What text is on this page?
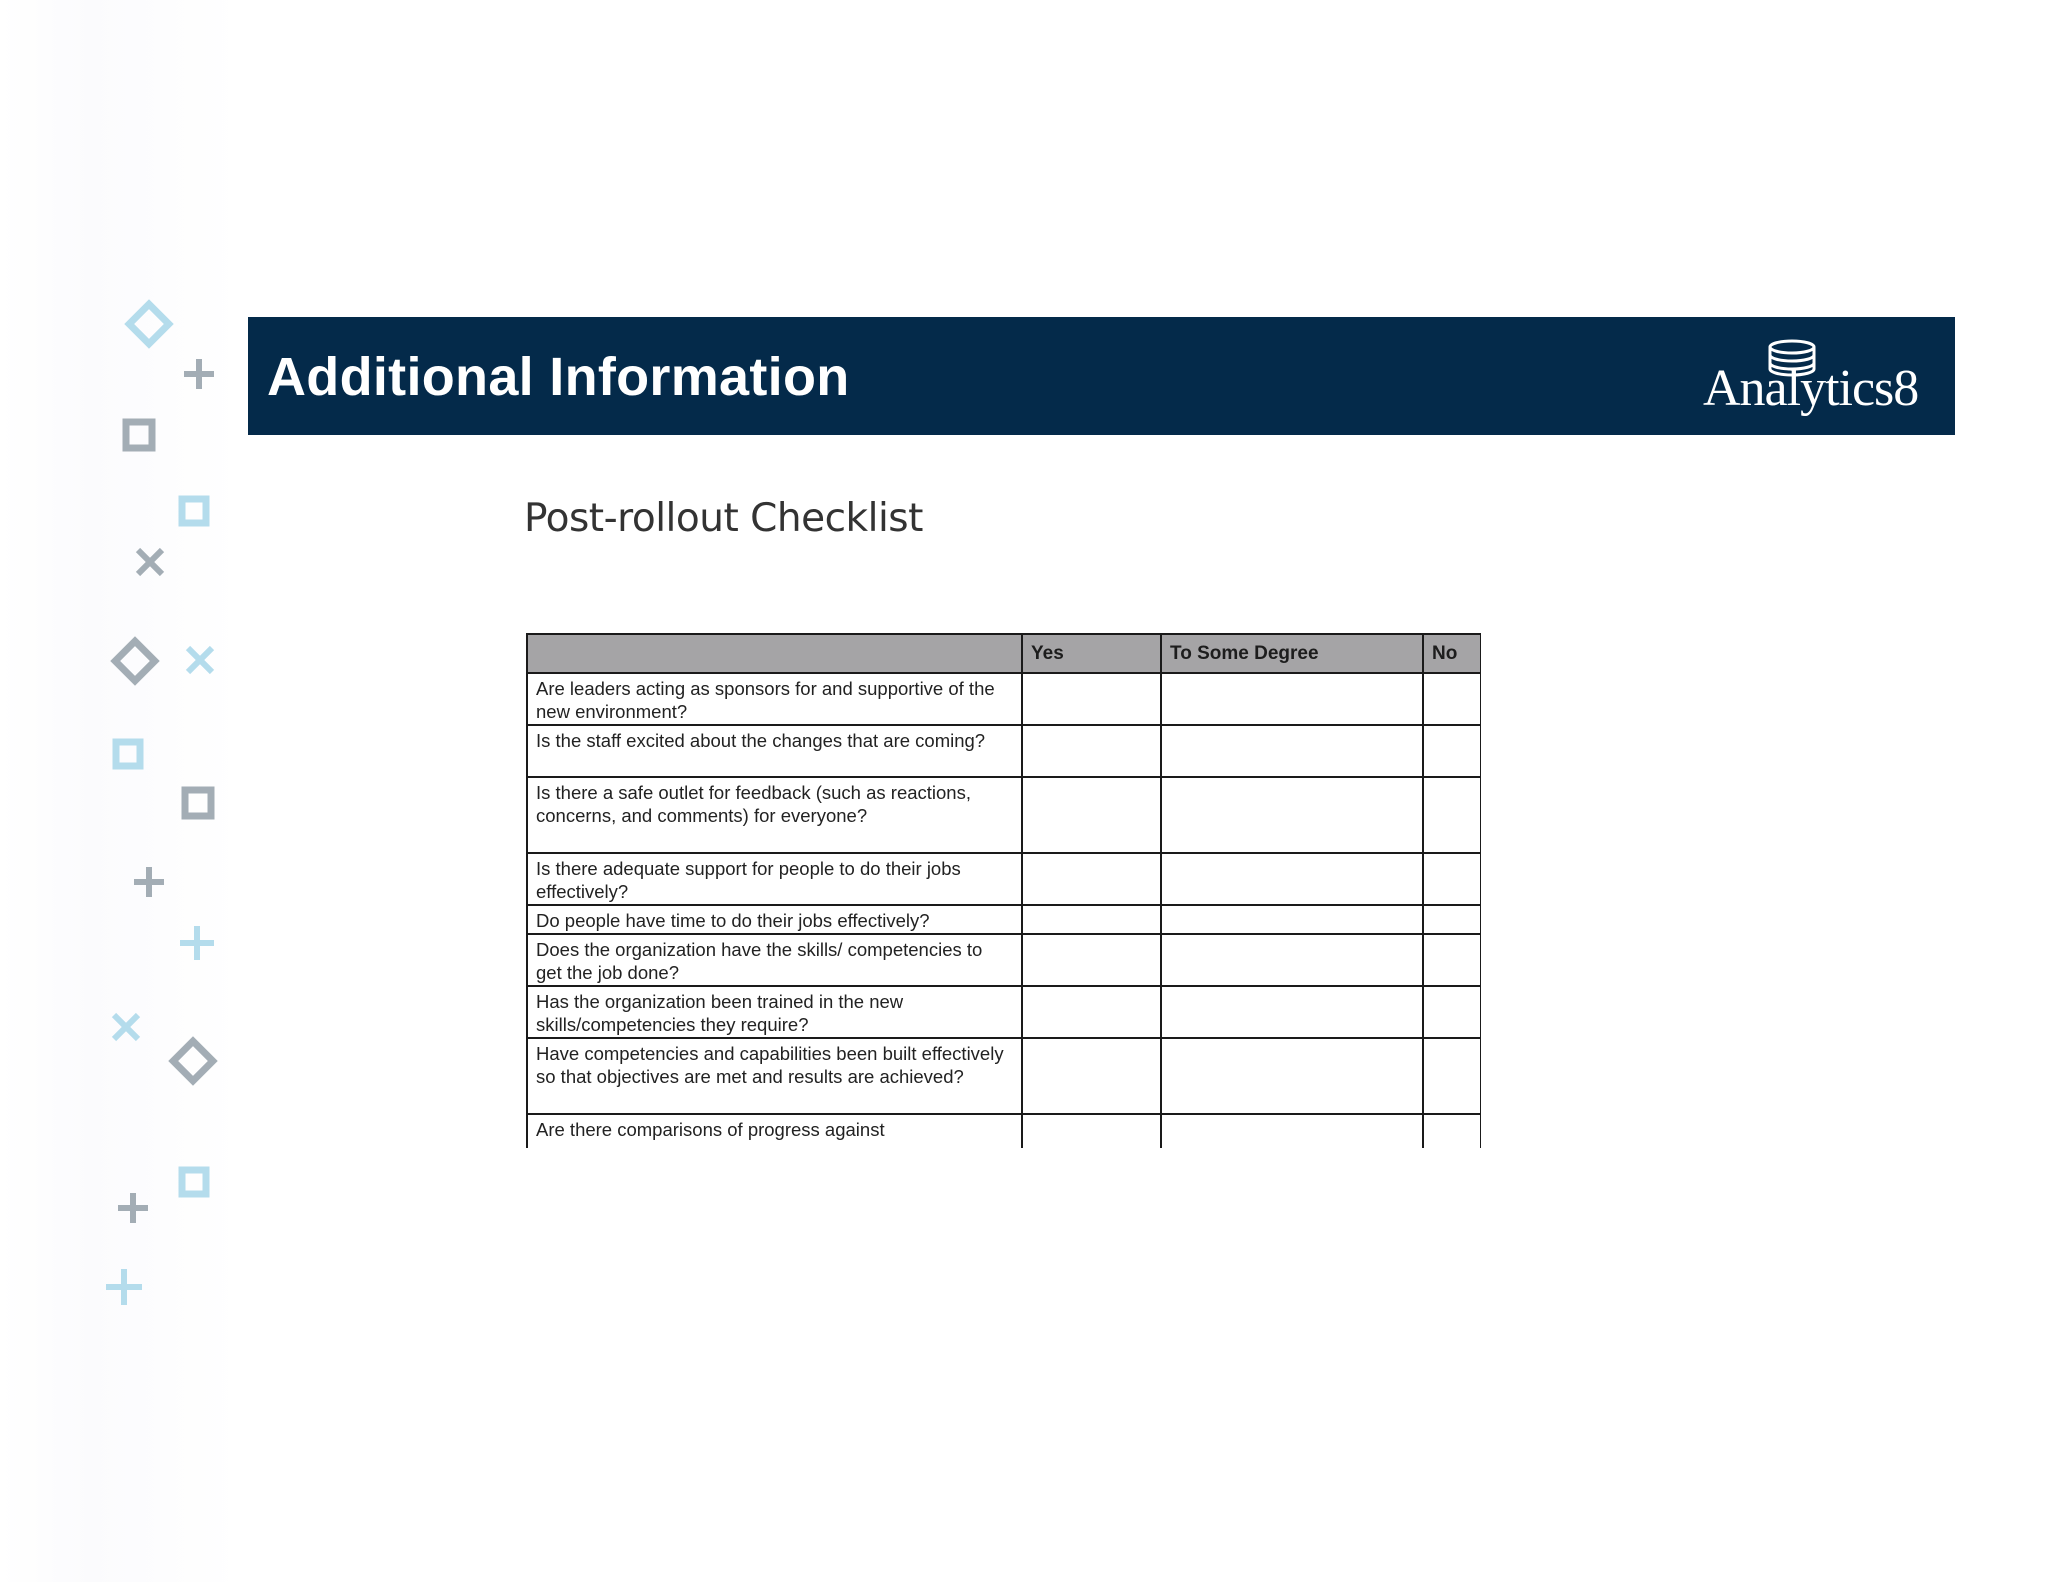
Additional Information	Analytics8
Post-rollout Checklist
	Yes	To Some Degree	No
Are leaders acting as sponsors for and supportive of the new environment?			
Is the staff excited about the changes that are coming?			
Is there a safe outlet for feedback (such as reactions, concerns, and comments) for everyone?			
Is there adequate support for people to do their jobs effectively?			
Do people have time to do their jobs effectively?			
Does the organization have the skills/ competencies to get the job done?			
Has the organization been trained in the new skills/competencies they require?			
Have competencies and capabilities been built effectively so that objectives are met and results are achieved?			
Are there comparisons of progress against			
